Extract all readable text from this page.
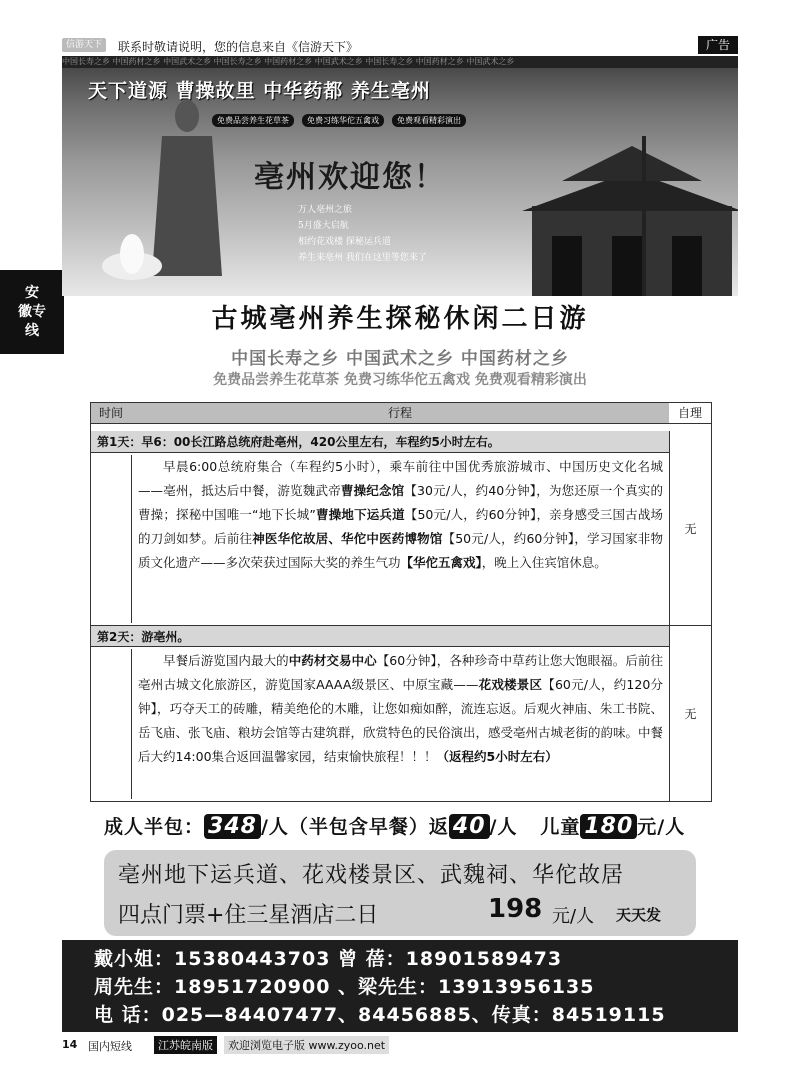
信游天下	联系时敬请说明，您的信息来自《信游天下》	广告
安
徽专
线
中国长寿之乡 中国药材之乡 中国武术之乡 中国长寿之乡 中国药材之乡 中国武术之乡 中国长寿之乡 中国药材之乡 中国武术之乡
天下道源 曹操故里 中华药都 养生亳州
免费品尝养生花草茶	免费习练华佗五禽戏	免费观看精彩演出
亳州欢迎您！
万人亳州之旅
5月盛大启航
相约花戏楼 探秘运兵道
养生来亳州 我们在这里等您来了
古城亳州养生探秘休闲二日游
中国长寿之乡 中国武术之乡 中国药材之乡
免费品尝养生花草茶 免费习练华佗五禽戏 免费观看精彩演出
时间	行程	自理
第1天：早6：00长江路总统府赴亳州，420公里左右，车程约5小时左右。
早晨6:00总统府集合（车程约5小时），乘车前往中国优秀旅游城市、中国历史文化名城——亳州，抵达后中餐，游览魏武帝曹操纪念馆【30元/人，约40分钟】，为您还原一个真实的曹操；探秘中国唯一“地下长城”曹操地下运兵道【50元/人，约60分钟】，亲身感受三国古战场的刀剑如梦。后前往神医华佗故居、华佗中医药博物馆【50元/人，约60分钟】，学习国家非物质文化遗产——多次荣获过国际大奖的养生气功【华佗五禽戏】，晚上入住宾馆休息。
无
第2天：游亳州。
早餐后游览国内最大的中药材交易中心【60分钟】，各种珍奇中草药让您大饱眼福。后前往亳州古城文化旅游区，游览国家AAAA级景区、中原宝藏——花戏楼景区【60元/人，约120分钟】，巧夺天工的砖雕，精美绝伦的木雕，让您如痴如醉，流连忘返。后观火神庙、朱工书院、岳飞庙、张飞庙、粮坊会馆等古建筑群，欣赏特色的民俗演出，感受亳州古城老街的韵味。中餐后大约14:00集合返回温馨家园，结束愉快旅程！！！（返程约5小时左右）
无
成人半包： 348 /人（半包含早餐）返 40 /人 儿童 180 元/人
亳州地下运兵道、花戏楼景区、武魏祠、华佗故居
四点门票+住三星酒店二日	198 元/人 天天发
戴小姐：15380443703 曾 蓓：18901589473
周先生：18951720900 、梁先生：13913956135
电 话：025—84407477、84456885、传真：84519115
14 国内短线	江苏皖南版	欢迎浏览电子版 www.zyoo.net
